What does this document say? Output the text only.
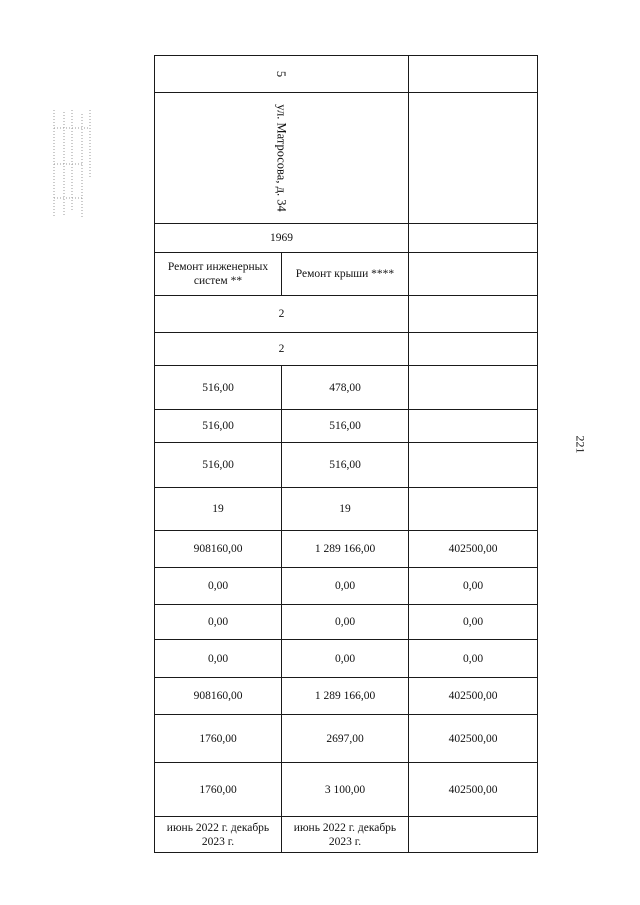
5		
ул. Матросова, д. 34		
1969		
Ремонт инженерных систем **	Ремонт крыши ****	
2		
2		
516,00	478,00	
516,00	516,00	
516,00	516,00	
19	19	
908160,00	1 289 166,00	402500,00
0,00	0,00	0,00
0,00	0,00	0,00
0,00	0,00	0,00
908160,00	1 289 166,00	402500,00
1760,00	2697,00	402500,00
1760,00	3 100,00	402500,00
июнь 2022 г. декабрь 2023 г.	июнь 2022 г. декабрь 2023 г.	
221
